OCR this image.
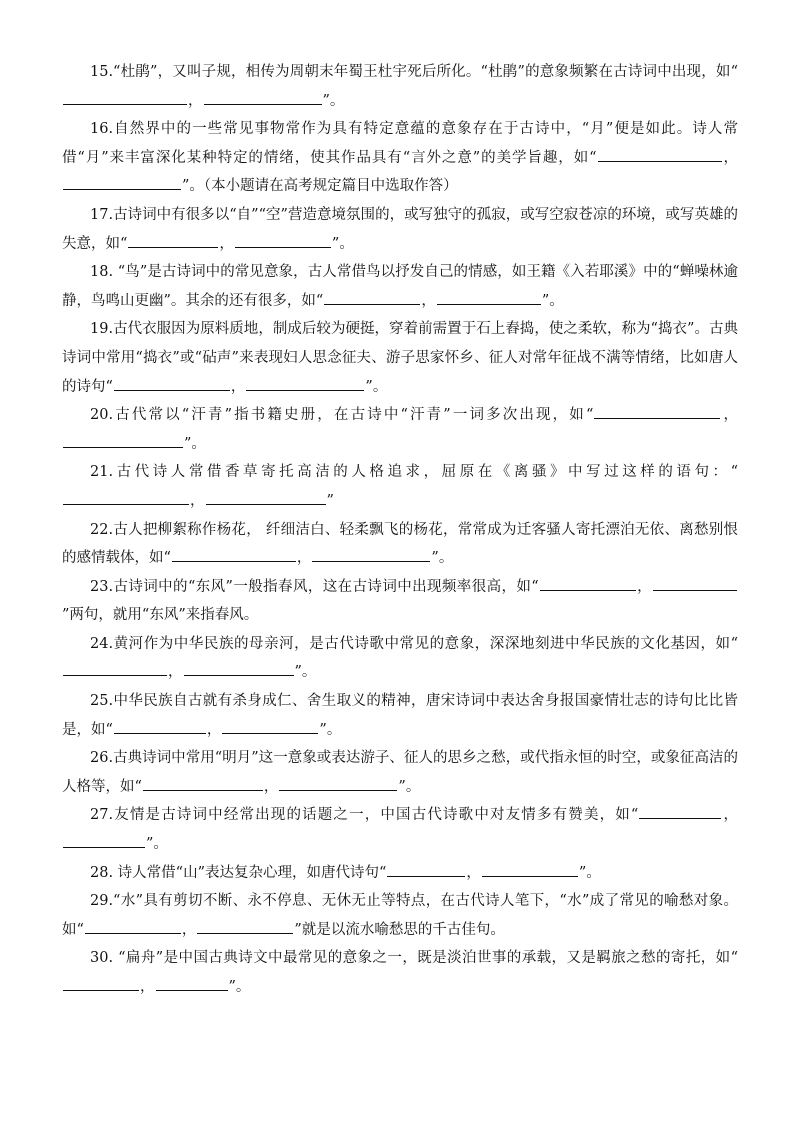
15.“杜鹃”，又叫子规，相传为周朝末年蜀王杜宇死后所化。“杜鹃”的意象频繁在古诗词中出现，如“，	”。

16.自然界中的一些常见事物常作为具有特定意蕴的意象存在于古诗中，“月”便是如此。诗人常借“月”来丰富深化某种特定的情绪，使其作品具有“言外之意”的美学旨趣，如“	，”。（本小题请在高考规定篇目中选取作答）

17.古诗词中有很多以“自”“空”营造意境氛围的，或写独守的孤寂，或写空寂苍凉的环境，或写英雄的失意，如“	，	”。

18. “鸟”是古诗词中的常见意象，古人常借鸟以抒发自己的情感，如王籍《入若耶溪》中的“蝉噪林逾静，鸟鸣山更幽”。其余的还有很多，如“	，	”。

19.古代衣服因为原料质地，制成后较为硬挺，穿着前需置于石上舂捣，使之柔软，称为“捣衣”。古典诗词中常用“捣衣”或“砧声”来表现妇人思念征夫、游子思家怀乡、征人对常年征战不满等情绪，比如唐人的诗句“	，	”。

20.古代常以“汗青”指书籍史册，在古诗中“汗青”一词多次出现，如“	，”。

21.古代诗人常借香草寄托高洁的人格追求，屈原在《离骚》中写过这样的语句：“，	”

22.古人把柳絮称作杨花， 纤细洁白、轻柔飘飞的杨花，常常成为迁客骚人寄托漂泊无依、离愁别恨的感情载体，如“	，	”。

23.古诗词中的“东风”一般指春风，这在古诗词中出现频率很高，如“	，”两句，就用“东风”来指春风。

24.黄河作为中华民族的母亲河，是古代诗歌中常见的意象，深深地刻进中华民族的文化基因，如“，	”。

25.中华民族自古就有杀身成仁、舍生取义的精神，唐宋诗词中表达舍身报国豪情壮志的诗句比比皆是，如“	，	”。

26.古典诗词中常用“明月”这一意象或表达游子、征人的思乡之愁，或代指永恒的时空，或象征高洁的人格等，如“	，	”。

27.友情是古诗词中经常出现的话题之一，中国古代诗歌中对友情多有赞美，如“	，”。

28. 诗人常借“山”表达复杂心理，如唐代诗句“	，	”。

29.“水”具有剪切不断、永不停息、无休无止等特点，在古代诗人笔下，“水”成了常见的喻愁对象。如“	，	”就是以流水喻愁思的千古佳句。

30. “扁舟”是中国古典诗文中最常见的意象之一，既是淡泊世事的承载，又是羁旅之愁的寄托，如“，	”。
